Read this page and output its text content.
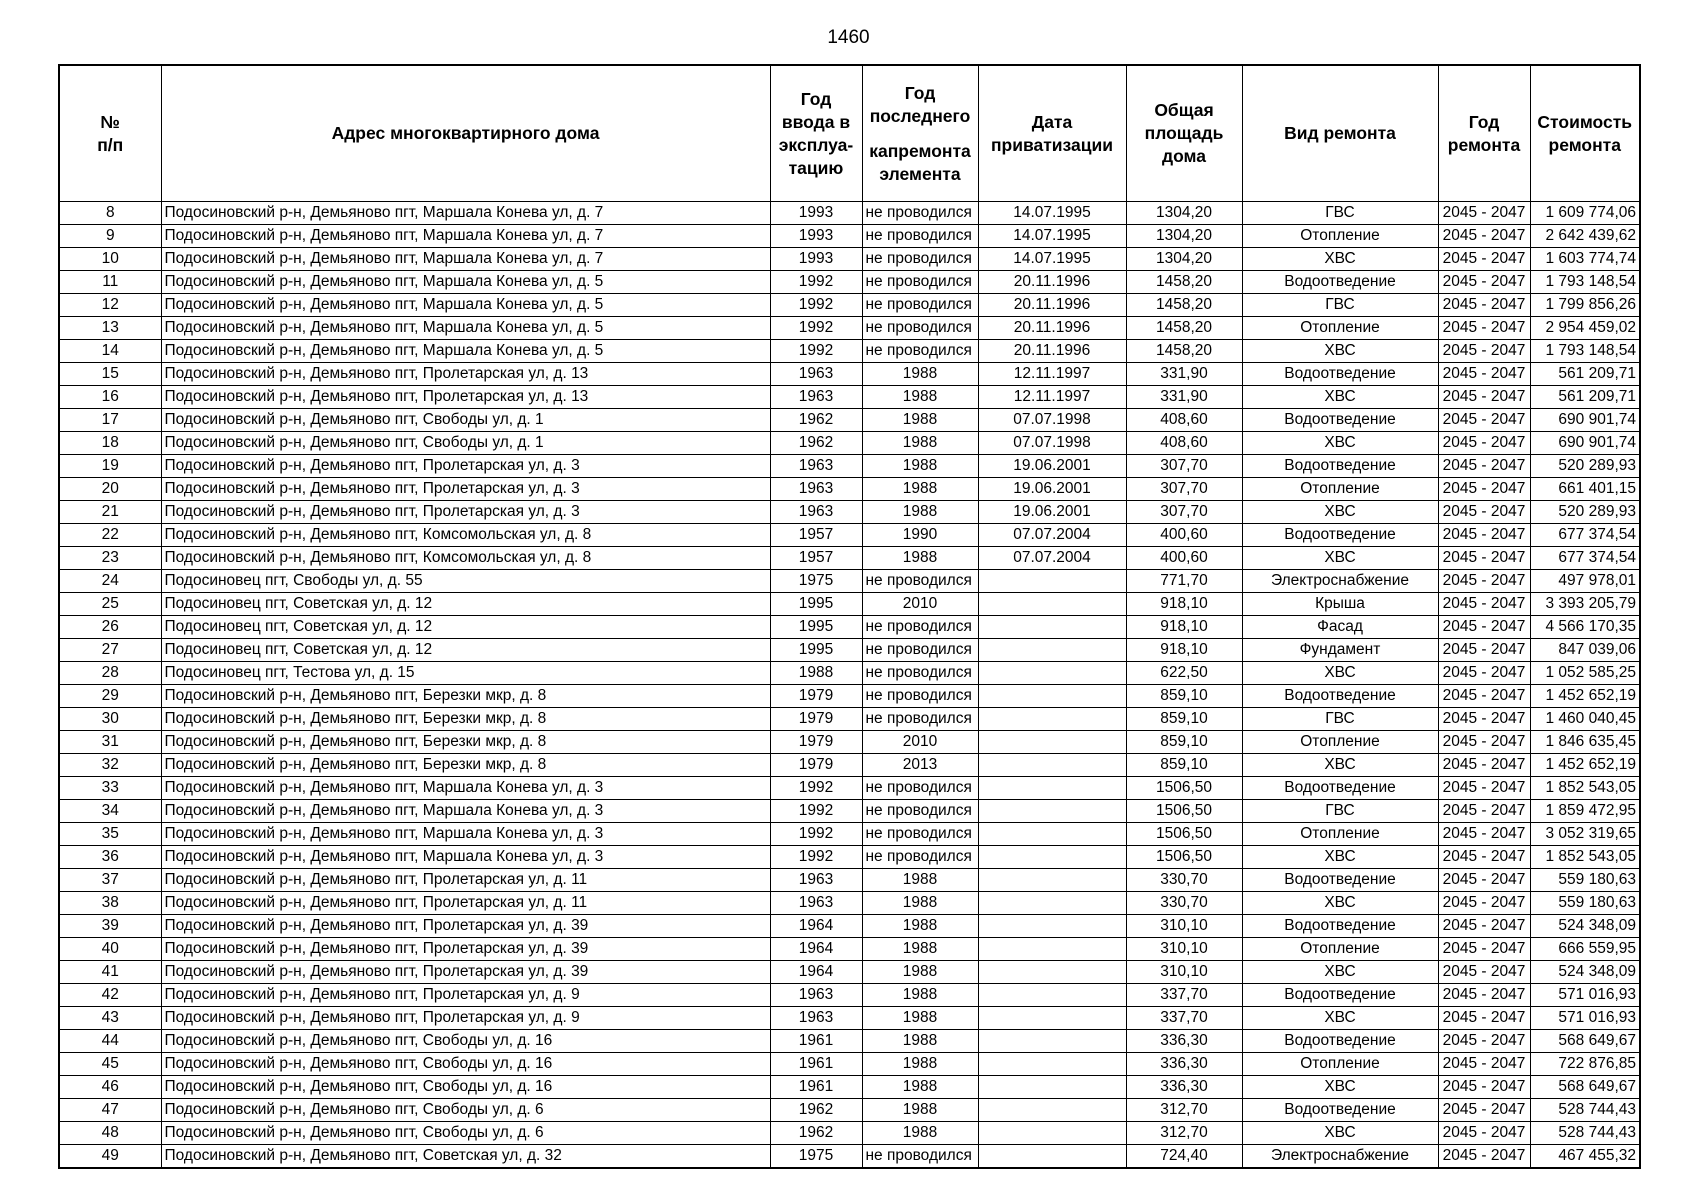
1460
№
п/п	Адрес многоквартирного дома	Год
ввода в
эксплуа-
тацию	Год
последнего
капремонта
элемента	Дата
приватизации	Общая
площадь
дома	Вид ремонта	Год
ремонта	Стоимость
ремонта

8	Подосиновский р-н, Демьяново пгт, Маршала Конева ул, д. 7	1993	не проводился	14.07.1995	1304,20	ГВС	2045 - 2047	1 609 774,06
9	Подосиновский р-н, Демьяново пгт, Маршала Конева ул, д. 7	1993	не проводился	14.07.1995	1304,20	Отопление	2045 - 2047	2 642 439,62
10	Подосиновский р-н, Демьяново пгт, Маршала Конева ул, д. 7	1993	не проводился	14.07.1995	1304,20	ХВС	2045 - 2047	1 603 774,74
11	Подосиновский р-н, Демьяново пгт, Маршала Конева ул, д. 5	1992	не проводился	20.11.1996	1458,20	Водоотведение	2045 - 2047	1 793 148,54
12	Подосиновский р-н, Демьяново пгт, Маршала Конева ул, д. 5	1992	не проводился	20.11.1996	1458,20	ГВС	2045 - 2047	1 799 856,26
13	Подосиновский р-н, Демьяново пгт, Маршала Конева ул, д. 5	1992	не проводился	20.11.1996	1458,20	Отопление	2045 - 2047	2 954 459,02
14	Подосиновский р-н, Демьяново пгт, Маршала Конева ул, д. 5	1992	не проводился	20.11.1996	1458,20	ХВС	2045 - 2047	1 793 148,54
15	Подосиновский р-н, Демьяново пгт, Пролетарская ул, д. 13	1963	1988	12.11.1997	331,90	Водоотведение	2045 - 2047	561 209,71
16	Подосиновский р-н, Демьяново пгт, Пролетарская ул, д. 13	1963	1988	12.11.1997	331,90	ХВС	2045 - 2047	561 209,71
17	Подосиновский р-н, Демьяново пгт, Свободы ул, д. 1	1962	1988	07.07.1998	408,60	Водоотведение	2045 - 2047	690 901,74
18	Подосиновский р-н, Демьяново пгт, Свободы ул, д. 1	1962	1988	07.07.1998	408,60	ХВС	2045 - 2047	690 901,74
19	Подосиновский р-н, Демьяново пгт, Пролетарская ул, д. 3	1963	1988	19.06.2001	307,70	Водоотведение	2045 - 2047	520 289,93
20	Подосиновский р-н, Демьяново пгт, Пролетарская ул, д. 3	1963	1988	19.06.2001	307,70	Отопление	2045 - 2047	661 401,15
21	Подосиновский р-н, Демьяново пгт, Пролетарская ул, д. 3	1963	1988	19.06.2001	307,70	ХВС	2045 - 2047	520 289,93
22	Подосиновский р-н, Демьяново пгт, Комсомольская ул, д. 8	1957	1990	07.07.2004	400,60	Водоотведение	2045 - 2047	677 374,54
23	Подосиновский р-н, Демьяново пгт, Комсомольская ул, д. 8	1957	1988	07.07.2004	400,60	ХВС	2045 - 2047	677 374,54
24	Подосиновец пгт, Свободы ул, д. 55	1975	не проводился		771,70	Электроснабжение	2045 - 2047	497 978,01
25	Подосиновец пгт, Советская ул, д. 12	1995	2010		918,10	Крыша	2045 - 2047	3 393 205,79
26	Подосиновец пгт, Советская ул, д. 12	1995	не проводился		918,10	Фасад	2045 - 2047	4 566 170,35
27	Подосиновец пгт, Советская ул, д. 12	1995	не проводился		918,10	Фундамент	2045 - 2047	847 039,06
28	Подосиновец пгт, Тестова ул, д. 15	1988	не проводился		622,50	ХВС	2045 - 2047	1 052 585,25
29	Подосиновский р-н, Демьяново пгт, Березки мкр, д. 8	1979	не проводился		859,10	Водоотведение	2045 - 2047	1 452 652,19
30	Подосиновский р-н, Демьяново пгт, Березки мкр, д. 8	1979	не проводился		859,10	ГВС	2045 - 2047	1 460 040,45
31	Подосиновский р-н, Демьяново пгт, Березки мкр, д. 8	1979	2010		859,10	Отопление	2045 - 2047	1 846 635,45
32	Подосиновский р-н, Демьяново пгт, Березки мкр, д. 8	1979	2013		859,10	ХВС	2045 - 2047	1 452 652,19
33	Подосиновский р-н, Демьяново пгт, Маршала Конева ул, д. 3	1992	не проводился		1506,50	Водоотведение	2045 - 2047	1 852 543,05
34	Подосиновский р-н, Демьяново пгт, Маршала Конева ул, д. 3	1992	не проводился		1506,50	ГВС	2045 - 2047	1 859 472,95
35	Подосиновский р-н, Демьяново пгт, Маршала Конева ул, д. 3	1992	не проводился		1506,50	Отопление	2045 - 2047	3 052 319,65
36	Подосиновский р-н, Демьяново пгт, Маршала Конева ул, д. 3	1992	не проводился		1506,50	ХВС	2045 - 2047	1 852 543,05
37	Подосиновский р-н, Демьяново пгт, Пролетарская ул, д. 11	1963	1988		330,70	Водоотведение	2045 - 2047	559 180,63
38	Подосиновский р-н, Демьяново пгт, Пролетарская ул, д. 11	1963	1988		330,70	ХВС	2045 - 2047	559 180,63
39	Подосиновский р-н, Демьяново пгт, Пролетарская ул, д. 39	1964	1988		310,10	Водоотведение	2045 - 2047	524 348,09
40	Подосиновский р-н, Демьяново пгт, Пролетарская ул, д. 39	1964	1988		310,10	Отопление	2045 - 2047	666 559,95
41	Подосиновский р-н, Демьяново пгт, Пролетарская ул, д. 39	1964	1988		310,10	ХВС	2045 - 2047	524 348,09
42	Подосиновский р-н, Демьяново пгт, Пролетарская ул, д. 9	1963	1988		337,70	Водоотведение	2045 - 2047	571 016,93
43	Подосиновский р-н, Демьяново пгт, Пролетарская ул, д. 9	1963	1988		337,70	ХВС	2045 - 2047	571 016,93
44	Подосиновский р-н, Демьяново пгт, Свободы ул, д. 16	1961	1988		336,30	Водоотведение	2045 - 2047	568 649,67
45	Подосиновский р-н, Демьяново пгт, Свободы ул, д. 16	1961	1988		336,30	Отопление	2045 - 2047	722 876,85
46	Подосиновский р-н, Демьяново пгт, Свободы ул, д. 16	1961	1988		336,30	ХВС	2045 - 2047	568 649,67
47	Подосиновский р-н, Демьяново пгт, Свободы ул, д. 6	1962	1988		312,70	Водоотведение	2045 - 2047	528 744,43
48	Подосиновский р-н, Демьяново пгт, Свободы ул, д. 6	1962	1988		312,70	ХВС	2045 - 2047	528 744,43
49	Подосиновский р-н, Демьяново пгт, Советская ул, д. 32	1975	не проводился		724,40	Электроснабжение	2045 - 2047	467 455,32
